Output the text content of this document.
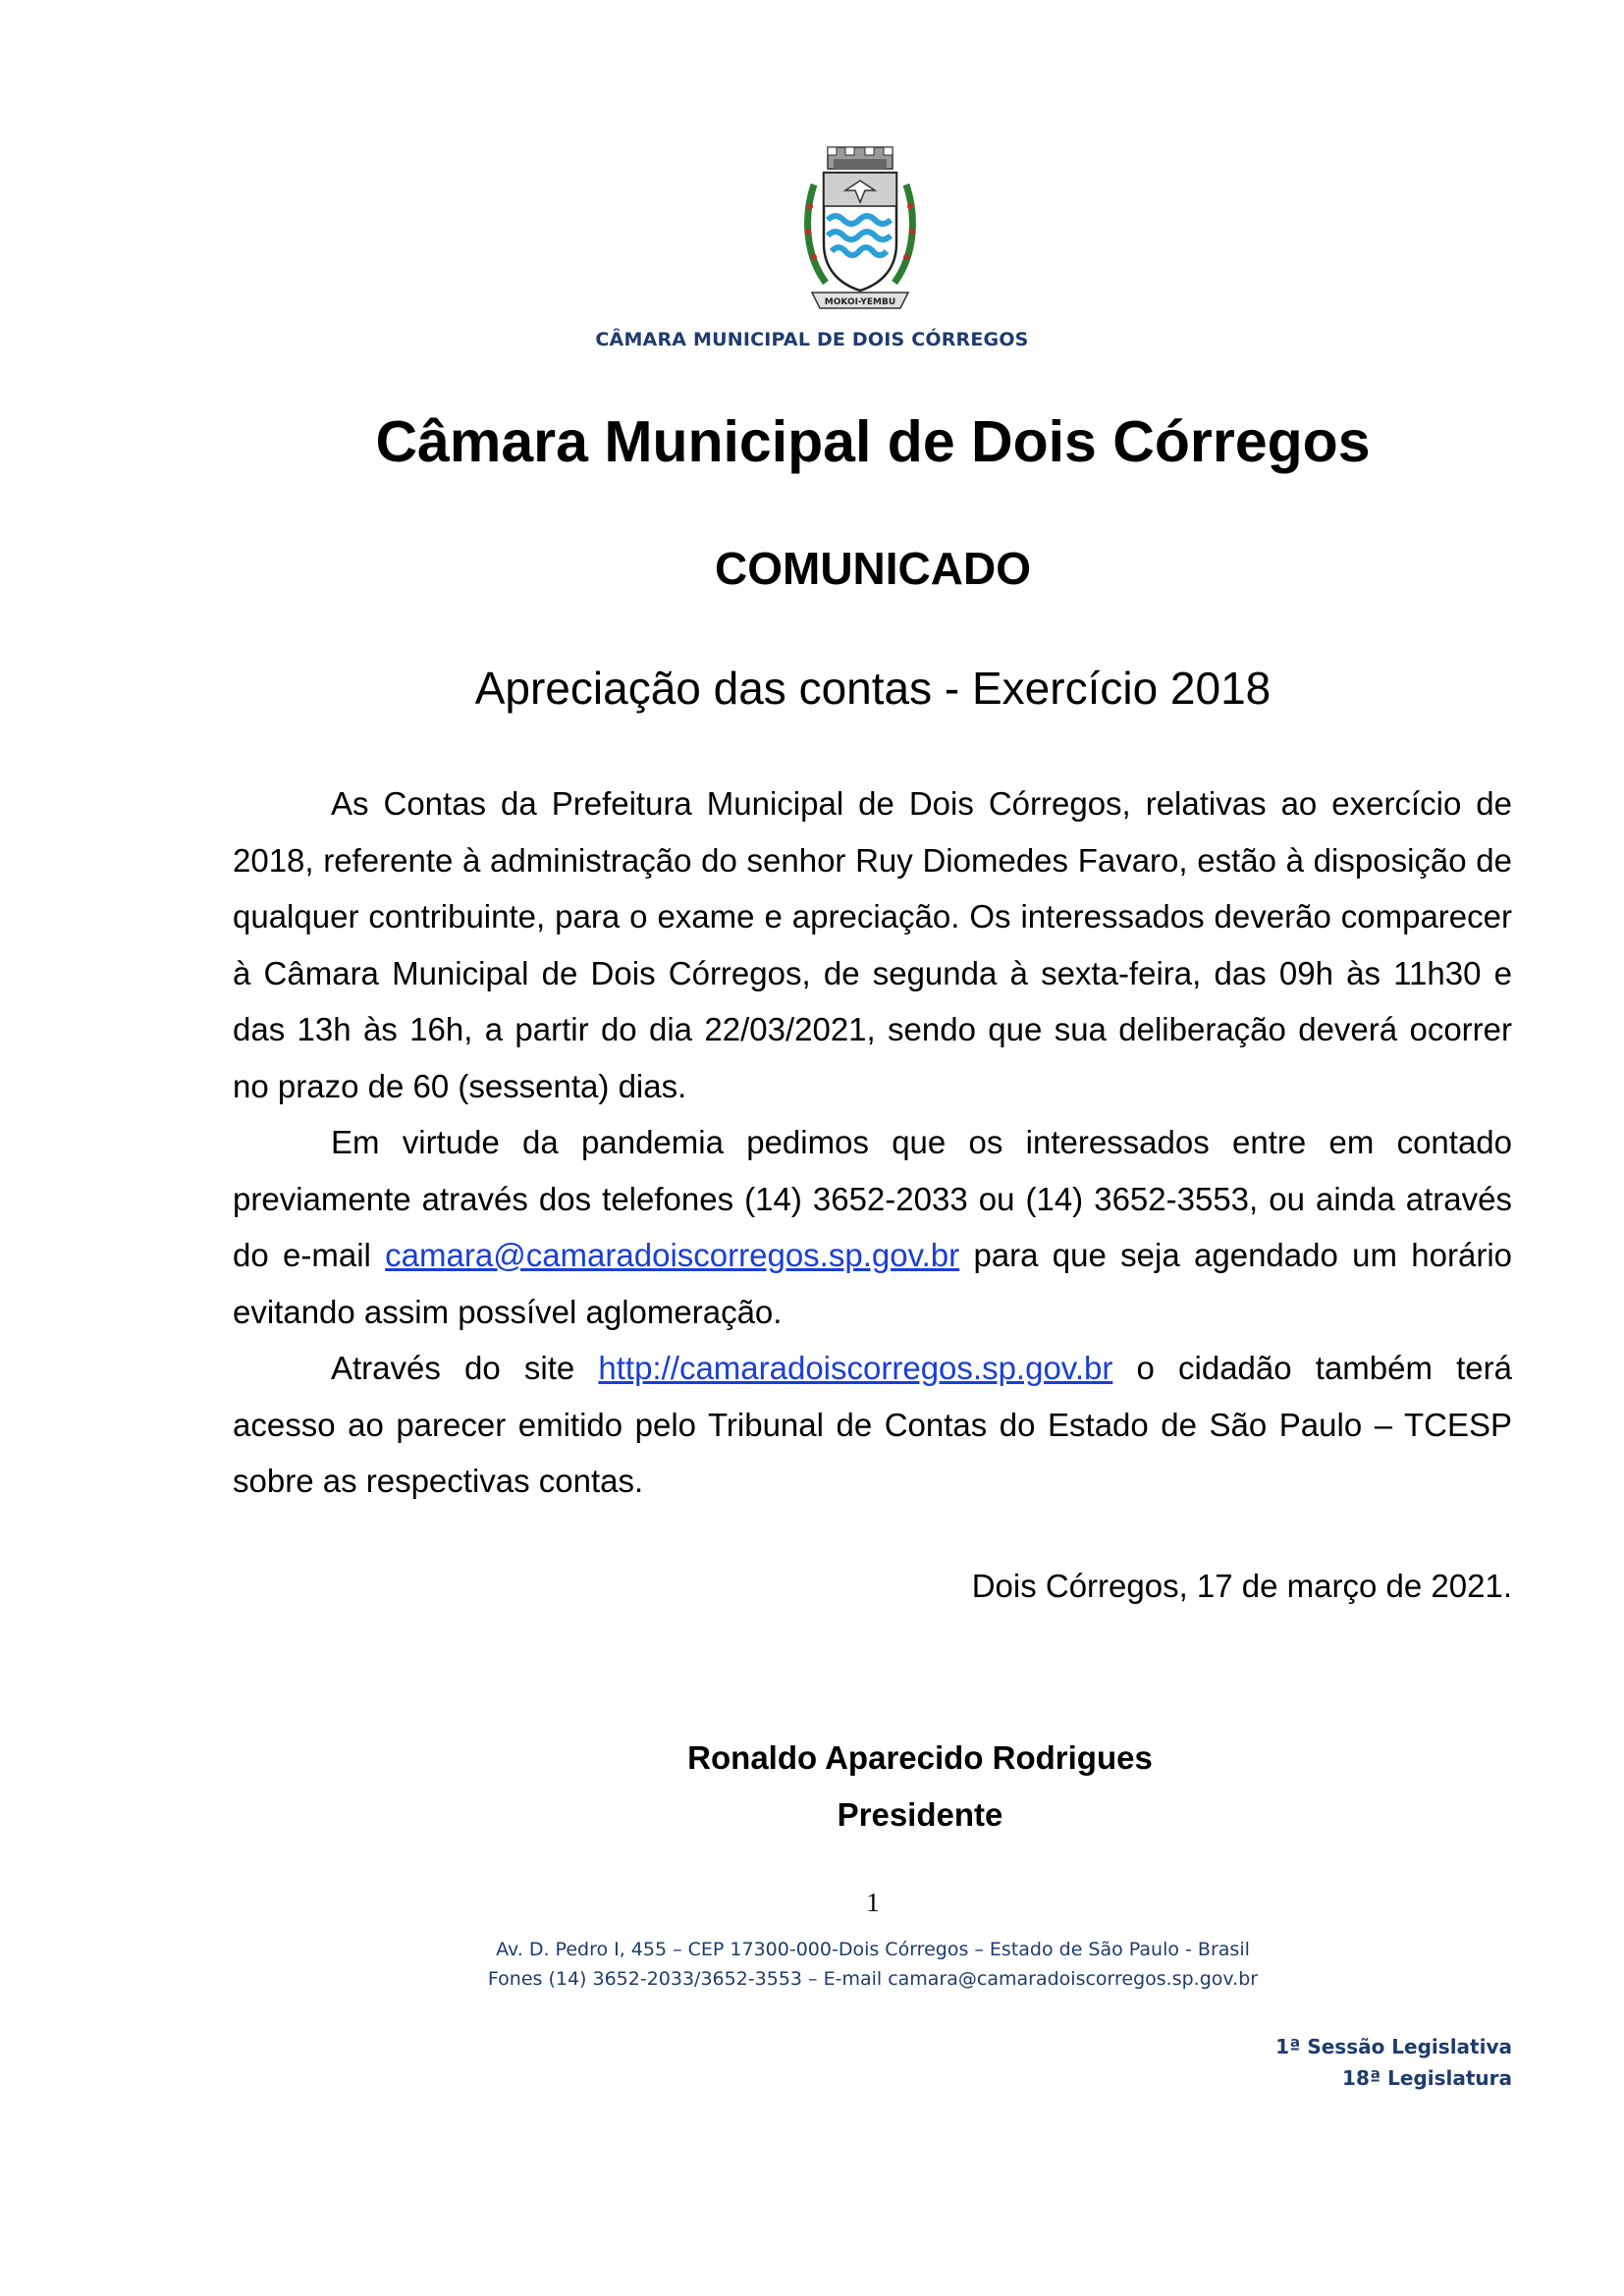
MOKOI-YEMBU
CÂMARA MUNICIPAL DE DOIS CÓRREGOS
Câmara Municipal de Dois Córregos
COMUNICADO
Apreciação das contas - Exercício 2018

As Contas da Prefeitura Municipal de Dois Córregos, relativas ao exercício de 2018, referente à administração do senhor Ruy Diomedes Favaro, estão à disposição de qualquer contribuinte, para o exame e apreciação. Os interessados deverão comparecer à Câmara Municipal de Dois Córregos, de segunda à sexta-feira, das 09h às 11h30 e das 13h às 16h, a partir do dia 22/03/2021, sendo que sua deliberação deverá ocorrer no prazo de 60 (sessenta) dias.

Em virtude da pandemia pedimos que os interessados entre em contado previamente através dos telefones (14) 3652-2033 ou (14) 3652-3553, ou ainda através do e-mail camara@camaradoiscorregos.sp.gov.br para que seja agendado um horário evitando assim possível aglomeração.

Através do site http://camaradoiscorregos.sp.gov.br o cidadão também terá acesso ao parecer emitido pelo Tribunal de Contas do Estado de São Paulo – TCESP sobre as respectivas contas.

Dois Córregos, 17 de março de 2021.
Ronaldo Aparecido Rodrigues
Presidente
1
Av. D. Pedro I, 455 – CEP 17300-000-Dois Córregos – Estado de São Paulo - Brasil
Fones (14) 3652-2033/3652-3553 – E-mail camara@camaradoiscorregos.sp.gov.br
1ª Sessão Legislativa
18ª Legislatura
